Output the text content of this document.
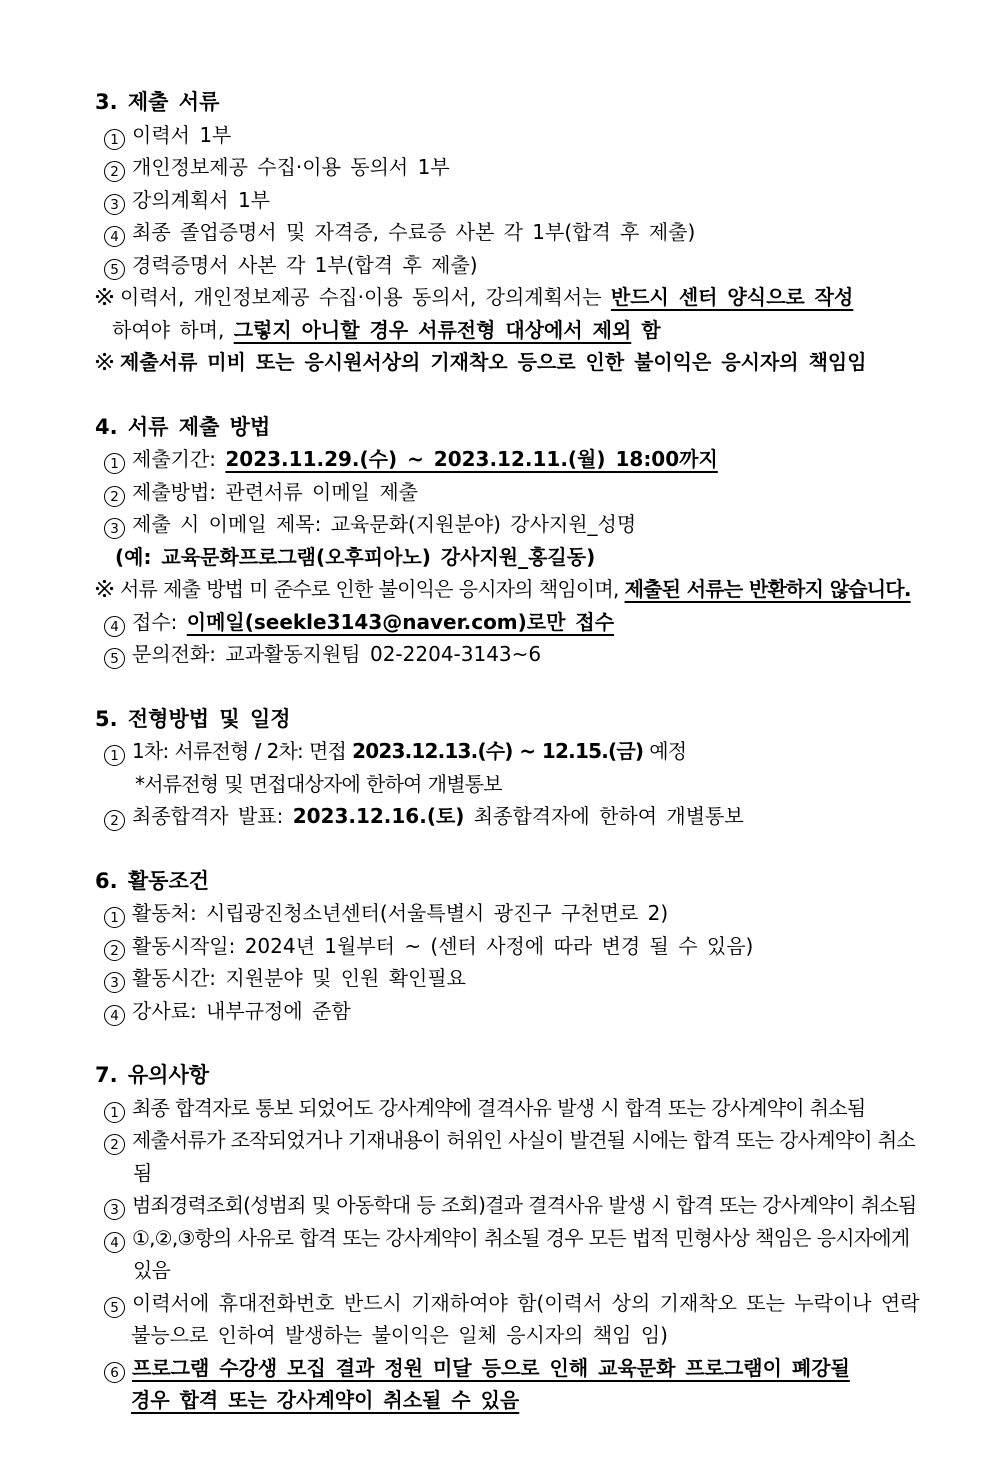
3. 제출 서류
1 이력서 1부
2 개인정보제공 수집·이용 동의서 1부
3 강의계획서 1부
4 최종 졸업증명서 및 자격증, 수료증 사본 각 1부(합격 후 제출)
5 경력증명서 사본 각 1부(합격 후 제출)
이력서, 개인정보제공 수집·이용 동의서, 강의계획서는 반드시 센터 양식으로 작성
하여야 하며, 그렇지 아니할 경우 서류전형 대상에서 제외 함
제출서류 미비 또는 응시원서상의 기재착오 등으로 인한 불이익은 응시자의 책임임
4. 서류 제출 방법
1 제출기간: 2023.11.29.(수) ~ 2023.12.11.(월) 18:00까지
2 제출방법: 관련서류 이메일 제출
3 제출 시 이메일 제목: 교육문화(지원분야) 강사지원_성명
(예: 교육문화프로그램(오후피아노) 강사지원_홍길동)
서류 제출 방법 미 준수로 인한 불이익은 응시자의 책임이며, 제출된 서류는 반환하지 않습니다.
4 접수: 이메일(seekle3143@naver.com)로만 접수
5 문의전화: 교과활동지원팀 02-2204-3143~6
5. 전형방법 및 일정
1 1차: 서류전형 / 2차: 면접 2023.12.13.(수) ~ 12.15.(금) 예정
*서류전형 및 면접대상자에 한하여 개별통보
2 최종합격자 발표: 2023.12.16.(토) 최종합격자에 한하여 개별통보
6. 활동조건
1 활동처: 시립광진청소년센터(서울특별시 광진구 구천면로 2)
2 활동시작일: 2024년 1월부터 ~ (센터 사정에 따라 변경 될 수 있음)
3 활동시간: 지원분야 및 인원 확인필요
4 강사료: 내부규정에 준함
7. 유의사항
1 최종 합격자로 통보 되었어도 강사계약에 결격사유 발생 시 합격 또는 강사계약이 취소됨
2 제출서류가 조작되었거나 기재내용이 허위인 사실이 발견될 시에는 합격 또는 강사계약이 취소됨
3 범죄경력조회(성범죄 및 아동학대 등 조회)결과 결격사유 발생 시 합격 또는 강사계약이 취소됨
4 ①,②,③항의 사유로 합격 또는 강사계약이 취소될 경우 모든 법적 민형사상 책임은 응시자에게 있음
5 이력서에 휴대전화번호 반드시 기재하여야 함(이력서 상의 기재착오 또는 누락이나 연락
불능으로 인하여 발생하는 불이익은 일체 응시자의 책임 임)
6 프로그램 수강생 모집 결과 정원 미달 등으로 인해 교육문화 프로그램이 폐강될
경우 합격 또는 강사계약이 취소될 수 있음
